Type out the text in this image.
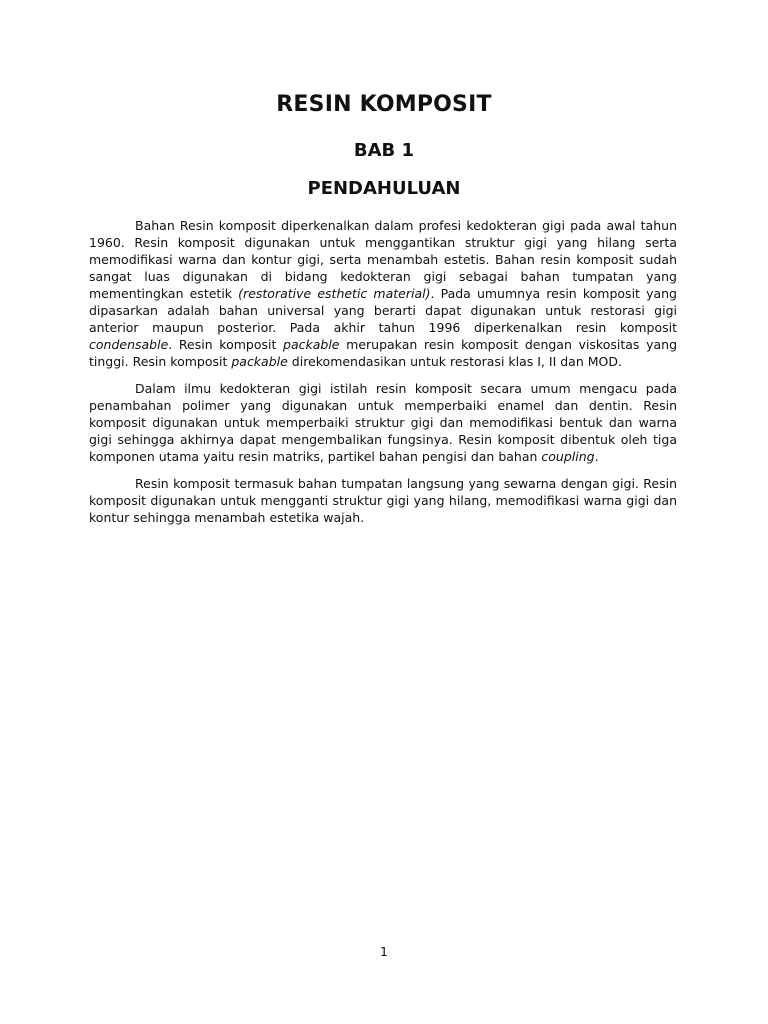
RESIN KOMPOSIT
BAB 1
PENDAHULUAN

Bahan Resin komposit diperkenalkan dalam profesi kedokteran gigi pada awal tahun 1960. Resin komposit digunakan untuk menggantikan struktur gigi yang hilang serta memodifikasi warna dan kontur gigi, serta menambah estetis. Bahan resin komposit sudah sangat luas digunakan di bidang kedokteran gigi sebagai bahan tumpatan yang mementingkan estetik (restorative esthetic material). Pada umumnya resin komposit yang dipasarkan adalah bahan universal yang berarti dapat digunakan untuk restorasi gigi anterior maupun posterior. Pada akhir tahun 1996 diperkenalkan resin komposit condensable. Resin komposit packable merupakan resin komposit dengan viskositas yang tinggi. Resin komposit packable direkomendasikan untuk restorasi klas I, II dan MOD.

Dalam ilmu kedokteran gigi istilah resin komposit secara umum mengacu pada penambahan polimer yang digunakan untuk memperbaiki enamel dan dentin. Resin komposit digunakan untuk memperbaiki struktur gigi dan memodifikasi bentuk dan warna gigi sehingga akhirnya dapat mengembalikan fungsinya. Resin komposit dibentuk oleh tiga komponen utama yaitu resin matriks, partikel bahan pengisi dan bahan coupling.

Resin komposit termasuk bahan tumpatan langsung yang sewarna dengan gigi. Resin komposit digunakan untuk mengganti struktur gigi yang hilang, memodifikasi warna gigi dan kontur sehingga menambah estetika wajah.

1
